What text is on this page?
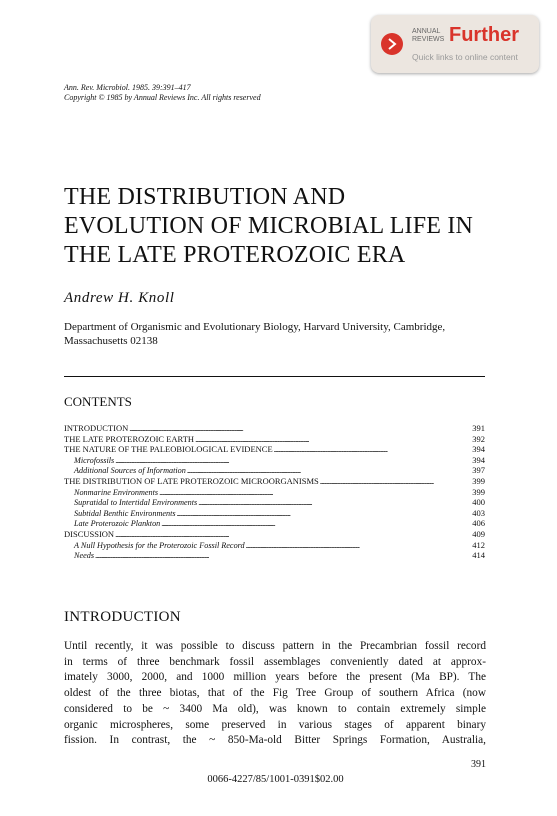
ANNUAL
REVIEWS Further
Quick links to online content
Ann. Rev. Microbiol. 1985. 39:391–417
Copyright © 1985 by Annual Reviews Inc. All rights reserved
THE DISTRIBUTION AND
EVOLUTION OF MICROBIAL LIFE IN
THE LATE PROTEROZOIC ERA
Andrew H. Knoll
Department of Organismic and Evolutionary Biology, Harvard University, Cambridge,
Massachusetts 02138
CONTENTS
INTRODUCTION . . .	391
THE LATE PROTEROZOIC EARTH . . .	392
THE NATURE OF THE PALEOBIOLOGICAL EVIDENCE . . .	394
Microfossils . . .	394
Additional Sources of Information . . .	397
THE DISTRIBUTION OF LATE PROTEROZOIC MICROORGANISMS . . .	399
Nonmarine Environments . . .	399
Supratidal to Intertidal Environments . . .	400
Subtidal Benthic Environments . . .	403
Late Proterozoic Plankton . . .	406
DISCUSSION . . .	409
A Null Hypothesis for the Proterozoic Fossil Record . . .	412
Needs . . .	414
INTRODUCTION
Until recently, it was possible to discuss pattern in the Precambrian fossil record
in terms of three benchmark fossil assemblages conveniently dated at approx-
imately 3000, 2000, and 1000 million years before the present (Ma BP). The
oldest of the three biotas, that of the Fig Tree Group of southern Africa (now
considered to be ~ 3400 Ma old), was known to contain extremely simple
organic microspheres, some preserved in various stages of apparent binary
fission. In contrast, the ~ 850-Ma-old Bitter Springs Formation, Australia,
391
0066-4227/85/1001-0391$02.00
